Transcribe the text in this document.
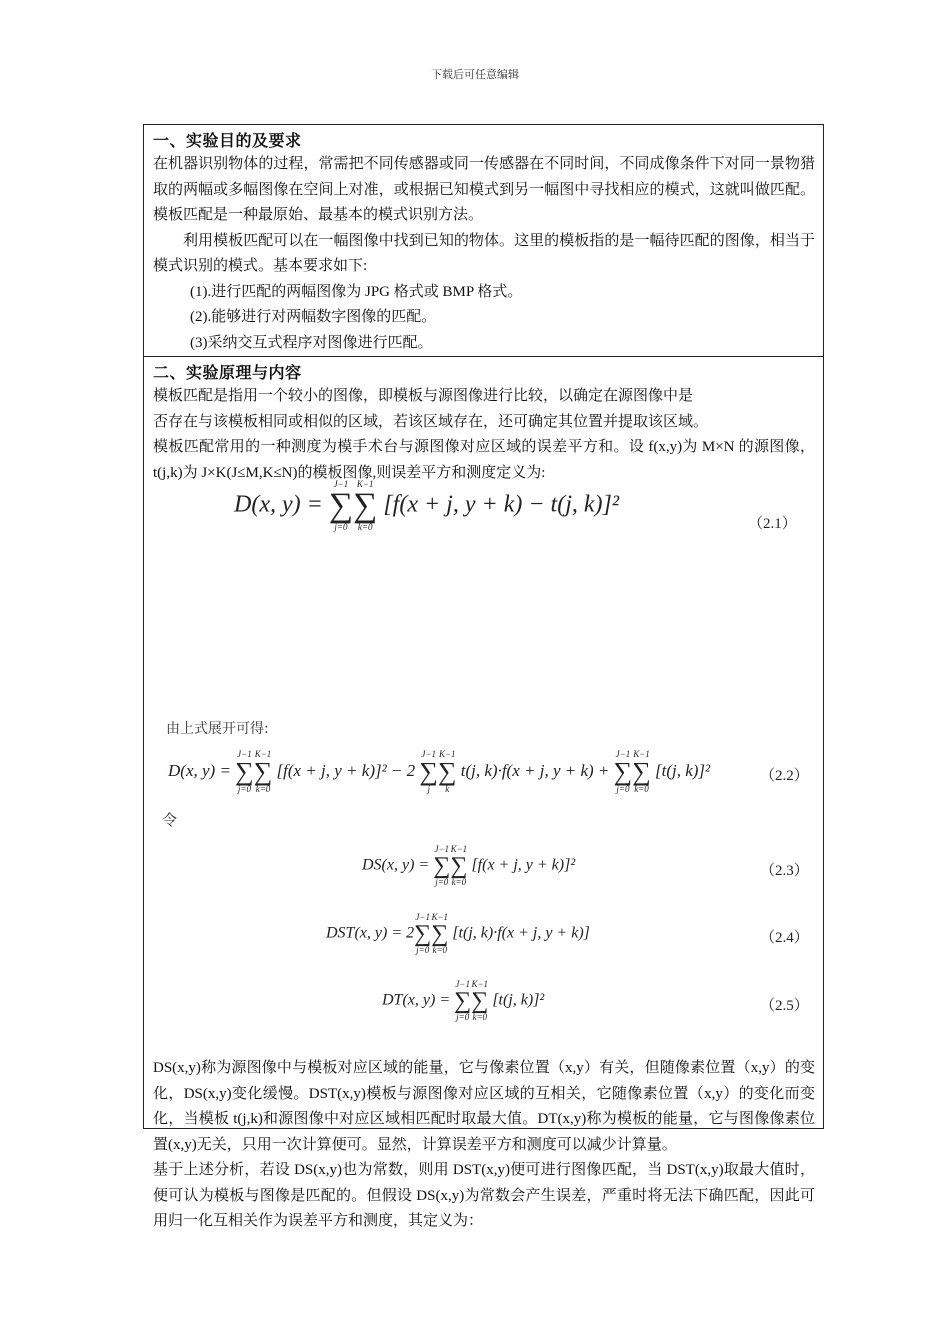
下载后可任意编辑
一、实验目的及要求

在机器识别物体的过程，常需把不同传感器或同一传感器在不同时间，不同成像条件下对同一景物猎取的两幅或多幅图像在空间上对准，或根据已知模式到另一幅图中寻找相应的模式，这就叫做匹配。模板匹配是一种最原始、最基本的模式识别方法。

利用模板匹配可以在一幅图像中找到已知的物体。这里的模板指的是一幅待匹配的图像，相当于模式识别的模式。基本要求如下:

(1).进行匹配的两幅图像为 JPG 格式或 BMP 格式。

(2).能够进行对两幅数字图像的匹配。

(3)采纳交互式程序对图像进行匹配。

二、实验原理与内容

模板匹配是指用一个较小的图像，即模板与源图像进行比较，以确定在源图像中是

否存在与该模板相同或相似的区域，若该区域存在，还可确定其位置并提取该区域。

模板匹配常用的一种测度为模手术台与源图像对应区域的误差平方和。设 f(x,y)为 M×N 的源图像，t(j,k)为 J×K(J≤M,K≤N)的模板图像,则误差平方和测度定义为:

D(x, y) =
J−1
∑
j=0
K−1
∑
k=0
[f(x + j, y + k) − t(j, k)]²
（2.1）
由上式展开可得:
D(x, y) =
J−1
∑
j=0
K−1
∑
k=0
[f(x + j, y + k)]² − 2
J−1
∑
j
K−1
∑
k
t(j, k)·f(x + j, y + k) +
J−1
∑
j=0
K−1
∑
k=0
[t(j, k)]²	（2.2）
令
DS(x, y) =
J−1
∑
j=0
K−1
∑
k=0
[f(x + j, y + k)]²	（2.3）
DST(x, y) = 2
J−1
∑
j=0
K−1
∑
k=0
[t(j, k)·f(x + j, y + k)]	（2.4）
DT(x, y) =
J−1
∑
j=0
K−1
∑
k=0
[t(j, k)]²	（2.5）

DS(x,y)称为源图像中与模板对应区域的能量，它与像素位置（x,y）有关，但随像素位置（x,y）的变化，DS(x,y)变化缓慢。DST(x,y)模板与源图像对应区域的互相关，它随像素位置（x,y）的变化而变化，当模板 t(j,k)和源图像中对应区域相匹配时取最大值。DT(x,y)称为模板的能量，它与图像像素位置(x,y)无关，只用一次计算便可。显然，计算误差平方和测度可以减少计算量。

基于上述分析，若设 DS(x,y)也为常数，则用 DST(x,y)便可进行图像匹配，当 DST(x,y)取最大值时，便可认为模板与图像是匹配的。但假设 DS(x,y)为常数会产生误差，严重时将无法下确匹配，因此可用归一化互相关作为误差平方和测度，其定义为：
